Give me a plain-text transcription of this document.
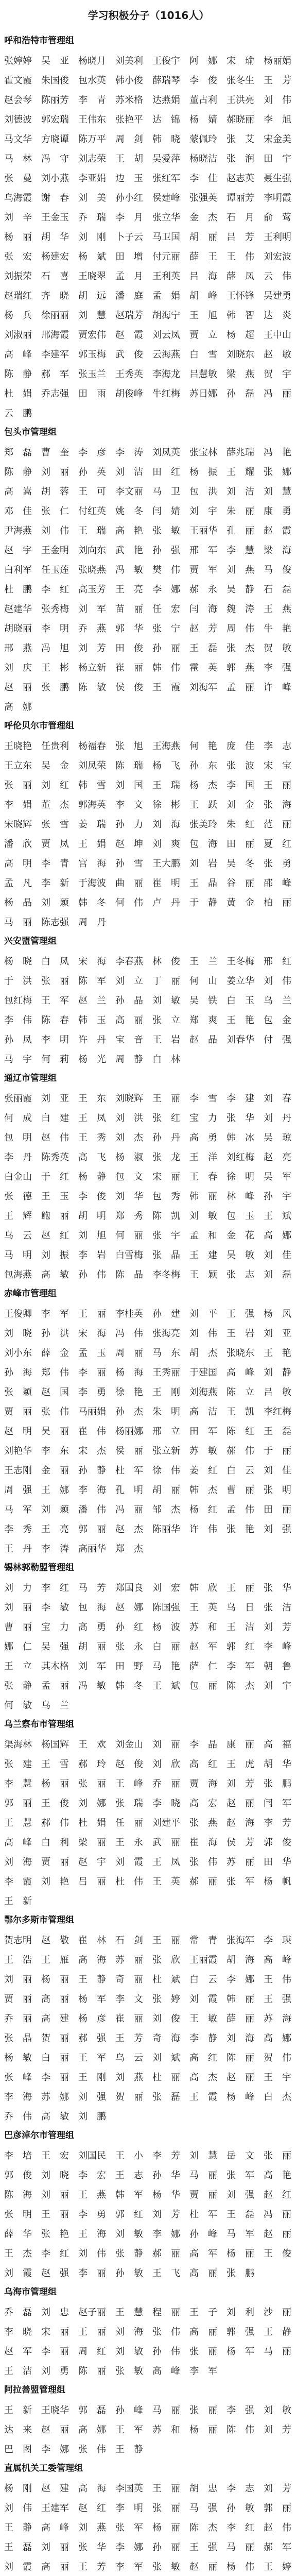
学习积极分子（1016人）
呼和浩特市管理组
张婷婷 吴亚 杨晓月 刘美利 王俊宇 阿娜 宋瑜 杨丽娟
霍文霞 朱国俊 包水英 韩小俊 薛瑞琴 李俊 张冬生 王芳
赵会琴 陈丽芳 李青 苏米格 达燕娟 董占利 王洪亮 刘伟
刘德波 郭宏瑞 王伟东 张艳平 达锦 杨婧 郝晓丽 李旭
马文华 方晓谭 陈万平 周剑 韩晓 蒙佩玲 张艾 宋金美
马林 冯守 刘志荣 王胡 吴爱萍 杨晓洁 张润 田宇
张曼 刘小燕 李亚娟 边玉 张红军 李佳 赵志英 聂生强
乌海霞 谢春 刘美 孙小红 侯建峰 张强英 谭丽芳 李明霞
刘辛 王金玉 乔瑞 李月 张立华 金杰 石月 俞莺
杨丽 胡华 刘刚 卜子云 马卫国 胡丽 吕芳 王利明
张宏 杨建宏 杨斌 田增 付元丽 薛王 王伟 刘宏波
刘振荣 石喜 王晓翠 孟月 王利英 吕海 薛凤 云伟
赵瑞红 齐晓 胡远 潘庭 孟娟 胡峰 王怀锋 吴建勇
杨兵 徐丽丽 刘慧 赵瑞芳 胡海宁 王旭 韩智 达炎
刘淑丽 邢海霞 贾宏伟 赵霞 刘云凤 贾立 杨超 王中山
高峰 李建军 郭玉梅 武俊 云海燕 白雪 刘晓东 赵敏
陈静 郝军 张玉兰 王秀英 李海龙 吕慧敏 梁燕 贺宇
杜娟 乔志强 田雨 胡俊峰 牛红梅 苏日娜 孙磊 冯丽
云鹏
包头市管理组
郑磊 曹奎 李彦 李涛 刘凤英 张宝林 薛兆瑞 冯艳
陈静 刘丽 孙英 刘洁 田红 杨振 王耀 张娜
高嵩 胡蓉 王可 李文丽 马卫 包洪 刘洁 刘慧
邓佳 张仁 付红英 姚冬 闫婧 刘宇 朱丽 康勇
尹海燕 刘伟 王瑞 高艳 张敏 王丽华 孔丽 赵霞
赵宇 王金明 刘向东 武艳 孙强 邢军 李慧 梁海
白利军 任玉莲 张晓燕 冯敏 樊伟 贾军 刘燕 马俊
杜鹏 李红 高玉芳 王亮 李娜 郝永 吴静 石磊
赵建华 张秀梅 刘军 苗丽 任宏 闫海 魏涛 王燕
胡晓丽 李明 乔燕 郭华 张宁 赵芳 周伟 牛艳
邢燕 冯旭 刘芳 田俊 孙丽 王磊 张杰 贺敏
刘庆 王彬 杨立新 崔丽 韩伟 霍英 郭燕 李强
赵丽 张鹏 陈敏 侯俊 王霞 刘海军 孟丽 许峰
高娜
呼伦贝尔市管理组
王晓艳 任贵利 杨福春 张旭 王海燕 何艳 庞佳 李志
王立东 吴金 刘凤荣 陈瑞 杨飞 孙东 张波 宋宝
张丽 刘红 韩雪 刘国 王瑞 杨杰 李国 王丽
李娟 董杰 郭海英 李文 徐彬 王跃 刘金 张海
宋晓辉 张雪 姜瑞 孙力 刘海 张美玲 朱红 范丽
潘欣 贾凤 王娟 赵坤 刘爽 包海 田丽 夏红
高明 李青 宫海 孙雪 王大鹏 刘岩 吴冬 张勇
孟凡 李新 于海波 曲丽 崔明 王晶 谷丽 邵峰
杨晶 刘颖 韩冬 何伟 卢丹 于静 黄金 柏丽
马丽 陈志强 周丹
兴安盟管理组
杨晓 白凤 宋海 李春燕 林俊 王兰 王冬梅 邢红
于洪 张丽 陈军 刘立 丁丽 何山 姜立华 刘伟
包红梅 王军 赵兰 孙晶 刘敏 吴铁 白玉 乌兰
李伟 陈春 韩玉 高丽 张立 郑爽 王艳 包金
孙凤 李明 许丹 宝音 王岩 赵晶 刘春华 付强
马宇 何莉 杨光 周静 白林
通辽市管理组
张丽霞 刘亚 王东 刘晓辉 王丽 李雪 李建 刘春
何成 白建 王凤 刘洪 张红 宝力 张华 刘丹
包明 赵伟 王秀 刘杰 孙丹 高勇 韩冰 吴琼
李丹 陈秀英 高飞 杨淑 张龙 王洋 刘红梅 赵亮
白金山 于红 杨静 包文 宋丽 王春 徐明 吴军
张德 王玉 李俊 刘华 包秀 韩丽 林峰 孙宇
王辉 鲍丽 胡明 郑秀 陈凯 刘敏 包玉 王斌
乌云 赵红 刘旭 何丽 张宇 孟和 金花 高娜
马明 刘振 李岩 白雪梅 张晶 王建 吴敏 刘佳
包海燕 高敏 孙伟 陈晶 李冬梅 王颖 张志 刘磊
赤峰市管理组
王俊卿 李军 王丽 李桂英 孙建 刘平 王强 杨风
刘晓 孙洪 宋海 冯伟 张海亮 刘伟 王岩 刘亚
刘小东 薛金 孟玉 周丽 马东 胡杰 张晓东 王艳
孙海 郑伟 李丽 杨海 王秀丽 于建国 高峰 刘静
张颖 赵国 李勇 徐艳 王刚 刘海燕 陈立 吕敏
贾丽 张伟 马丽娟 孙杰 朱明 高洁 王凯 李红梅
赵明 吴丽 崔伟 杨丽娜 邢立 田军 陈红 王磊
刘艳华 李东 宋杰 侯丽 张立新 苏敏 郝伟 于丽
王志刚 金丽 孙静 杜军 徐伟 姜红 白云 刘佳
周强 王娜 李海 孔明 胡丽 韩杰 曹丽 张明
马军 刘颖 潘伟 冯丽 邹杰 杨红 孟伟 田丽
李秀 王亮 郭丽 赵杰 陈丽华 许伟 张艳 刘强
王丹 李涛 高丽华 郑杰
锡林郭勒盟管理组
刘力 李红 马芳 郑国良 刘宏 韩欣 王丽 张华
刘丽 李敏 包海 赵娜 陈国强 王英 乌日 张洁
曹丽 宝力 高勇 孙红 杨波 苏和 王洁 刘芳
娜仁 吴强 胡丽 张永 白丽 赵军 郭红 李峰
王立 其木格 刘军 田野 马艳 萨仁 李军 朝鲁
张静 孟丽 冯敏 韩冬 王斌 包丽 陈杰 刘宇
何敏 乌兰
乌兰察布市管理组
渠海林 杨国辉 王欢 刘金山 刘丽 李晶 康丽 高福
张建 王雪 郝玲 赵俊 刘欣 高红 王虎 胡华
李慧 杨丽 张丽 王峰 乔丽 贾海 刘芳 张鹏
郭丽 王俊 刘娜 张瑞 李晓 高宏 赵丽 闫军
王慧 郝伟 杜娟 任丽 刘建平 张燕 赵海 李芳
高峰 白利 梁丽 王永 武丽 崔海 侯芳 郭俊
刘海 贾丽 赵宇 刘霞 王凤 张伟 苏丽 田华
李霞 刘艳 吕丽 杜伟 王英 郝丽 张军 杨帆
王新
鄂尔多斯市管理组
贺志明 赵敬 崔林 石剑 王丽 常青 张海军 李瑛
王浩 王雁 高海 苏丽 张欣 王丽霞 胡海 高峰
刘丽 杨丽 王静 奇丽 杜斌 白云 李娜 王伟
贾丽 高丽 杨军 李文 张婷 刘霞 韩丽 王强
乔丽 高建 杨彦 崔丽 刘俊 王敏 薛丽 苏海
张晶 贺丽 郝强 王芳 奇海 李静 刘海 高娜
杨敏 白丽 王军 乌云 刘斌 高红 陈丽 贺伟
张峰 李丽 王刚 刘燕 杜丽 高杰 赵丽 王宇
李海 苏娜 刘强 贺丽 张磊 王霞 杨峰 白杰
乔伟 高敏 刘鹏
巴彦淖尔市管理组
李培 王宏 刘国民 王小 李芳 刘慧 岳文 张丽
郭俊 刘晓 李宏 王志 孙华 马丽 张军 高艳
陈海 刘丽 王燕 韩军 杨华 贾丽 刘强 赵红
张明 王丽 李勇 郭红 刘芳 杜军 王磊 冯丽
薛华 张艳 王海 刘敏 李娜 孙峰 马军 赵丽
王杰 李红 刘伟 张静 郝丽 高军 杨丽 王俊
刘霞 赵强 李丽 孙敏 王飞 高丽 张鹏
乌海市管理组
乔磊 刘忠 赵子丽 王慧 程丽 王子 刘利 沙丽
李晓 宋丽 王丽 刘海 张伟 高丽 郭强 王静
赵军 李丽 周红 刘敏 孙伟 张丽 杨军 马丽
王洁 刘勇 陈丽 张敏 高峰 李军
阿拉善盟管理组
王新 王晓华 郭磊 孙峰 马丽 张丽 李强 刘敏
达来 赵丽 高娜 王军 苏和 杨丽 陈伟 刘芳
巴图 李娜 张伟 王静
直属机关工委管理组
杨刚 赵建 高海 李国英 王丽 胡忠 李志 刘芳
刘伟 王建军 赵红 李明 张丽 马强 孙敏 郭丽
王静 高峰 刘燕 张军 杨丽 陈杰 李红 赵伟
王磊 刘丽 张华 李娜 孙丽 王强 马丽 郝军
刘霞 高丽 王芳 李军 张敏 赵丽 杨伟 王婷
